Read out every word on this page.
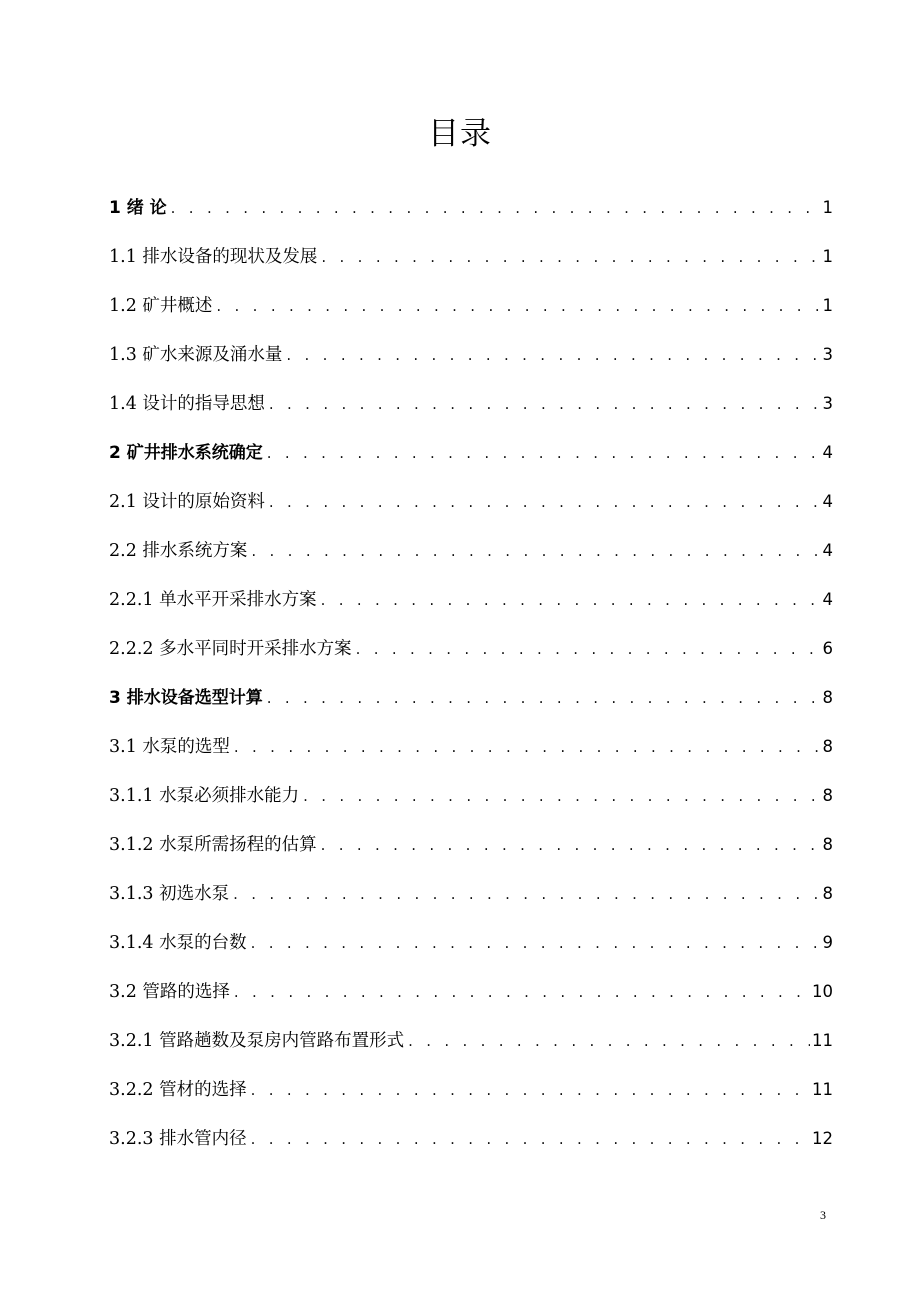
目录
1 绪 论 . . .	1
1.1 排水设备的现状及发展 . . .	1
1.2 矿井概述 . . .	1
1.3 矿水来源及涌水量 . . .	3
1.4 设计的指导思想 . . .	3
2 矿井排水系统确定 . . .	4
2.1 设计的原始资料 . . .	4
2.2 排水系统方案 . . .	4
2.2.1 单水平开采排水方案 . . .	4
2.2.2 多水平同时开采排水方案 . . .	6
3 排水设备选型计算 . . .	8
3.1 水泵的选型 . . .	8
3.1.1 水泵必须排水能力 . . .	8
3.1.2 水泵所需扬程的估算 . . .	8
3.1.3 初选水泵 . . .	8
3.1.4 水泵的台数 . . .	9
3.2 管路的选择 . . .	10
3.2.1 管路趟数及泵房内管路布置形式 . . .	11
3.2.2 管材的选择 . . .	11
3.2.3 排水管内径 . . .	12
3
